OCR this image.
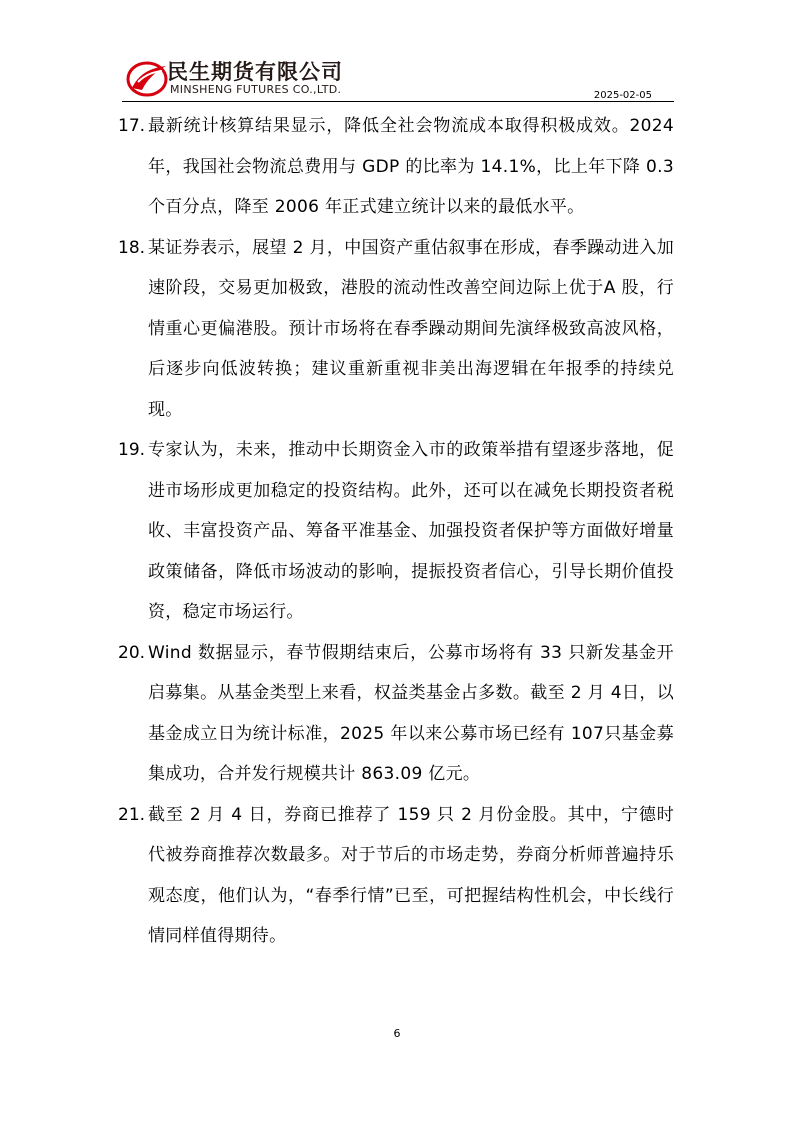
民生期货有限公司
MINSHENG FUTURES CO.,LTD.	2025-02-05
17. 最新统计核算结果显示，降低全社会物流成本取得积极成效。2024年，我国社会物流总费用与 GDP 的比率为 14.1%，比上年下降 0.3 个百分点，降至 2006 年正式建立统计以来的最低水平。
18. 某证券表示，展望 2 月，中国资产重估叙事在形成，春季躁动进入加速阶段，交易更加极致，港股的流动性改善空间边际上优于A 股，行情重心更偏港股。预计市场将在春季躁动期间先演绎极致高波风格，后逐步向低波转换；建议重新重视非美出海逻辑在年报季的持续兑现。
19. 专家认为，未来，推动中长期资金入市的政策举措有望逐步落地，促进市场形成更加稳定的投资结构。此外，还可以在减免长期投资者税收、丰富投资产品、筹备平准基金、加强投资者保护等方面做好增量政策储备，降低市场波动的影响，提振投资者信心，引导长期价值投资，稳定市场运行。
20. Wind 数据显示，春节假期结束后，公募市场将有 33 只新发基金开启募集。从基金类型上来看，权益类基金占多数。截至 2 月 4日，以基金成立日为统计标准，2025 年以来公募市场已经有 107只基金募集成功，合并发行规模共计 863.09 亿元。
21. 截至 2 月 4 日，券商已推荐了 159 只 2 月份金股。其中，宁德时代被券商推荐次数最多。对于节后的市场走势，券商分析师普遍持乐观态度，他们认为，“春季行情”已至，可把握结构性机会，中长线行情同样值得期待。
6
